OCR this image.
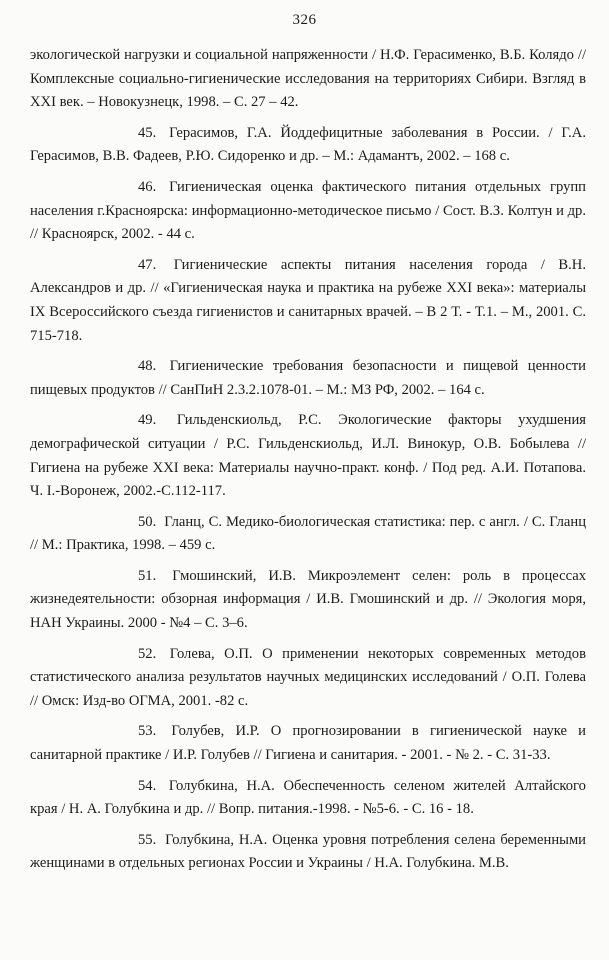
326

экологической нагрузки и социальной напряженности / Н.Ф. Герасименко, В.Б. Колядо // Комплексные социально-гигиенические исследования на территориях Сибири. Взгляд в XXI век. – Новокузнецк, 1998. – С. 27 – 42.

45. Герасимов, Г.А. Йоддефицитные заболевания в России. / Г.А. Герасимов, В.В. Фадеев, Р.Ю. Сидоренко и др. – М.: Адамантъ, 2002. – 168 с.

46. Гигиеническая оценка фактического питания отдельных групп населения г.Красноярска: информационно-методическое письмо / Сост. В.З. Колтун и др. // Красноярск, 2002. - 44 с.

47. Гигиенические аспекты питания населения города / В.Н. Александров и др. // «Гигиеническая наука и практика на рубеже XXI века»: материалы IX Всероссийского съезда гигиенистов и санитарных врачей. – В 2 Т. - Т.1. – М., 2001. С. 715-718.

48. Гигиенические требования безопасности и пищевой ценности пищевых продуктов // СанПиН 2.3.2.1078-01. – М.: МЗ РФ, 2002. – 164 с.

49. Гильденскиольд, Р.С. Экологические факторы ухудшения демографической ситуации / Р.С. Гильденскиольд, И.Л. Винокур, О.В. Бобылева // Гигиена на рубеже XXI века: Материалы научно-практ. конф. / Под ред. А.И. Потапова. Ч. I.-Воронеж, 2002.-С.112-117.

50. Гланц, С. Медико-биологическая статистика: пер. с англ. / С. Гланц // М.: Практика, 1998. – 459 с.

51. Гмошинский, И.В. Микроэлемент селен: роль в процессах жизнедеятельности: обзорная информация / И.В. Гмошинский и др. // Экология моря, НАН Украины. 2000 - №4 – С. 3–6.

52. Голева, О.П. О применении некоторых современных методов статистического анализа результатов научных медицинских исследований / О.П. Голева // Омск: Изд-во ОГМА, 2001. -82 с.

53. Голубев, И.Р. О прогнозировании в гигиенической науке и санитарной практике / И.Р. Голубев // Гигиена и санитария. - 2001. - № 2. - С. 31-33.

54. Голубкина, Н.А. Обеспеченность селеном жителей Алтайского края / Н. А. Голубкина и др. // Вопр. питания.-1998. - №5-6. - С. 16 - 18.

55. Голубкина, Н.А. Оценка уровня потребления селена беременными женщинами в отдельных регионах России и Украины / Н.А. Голубкина. М.В.
